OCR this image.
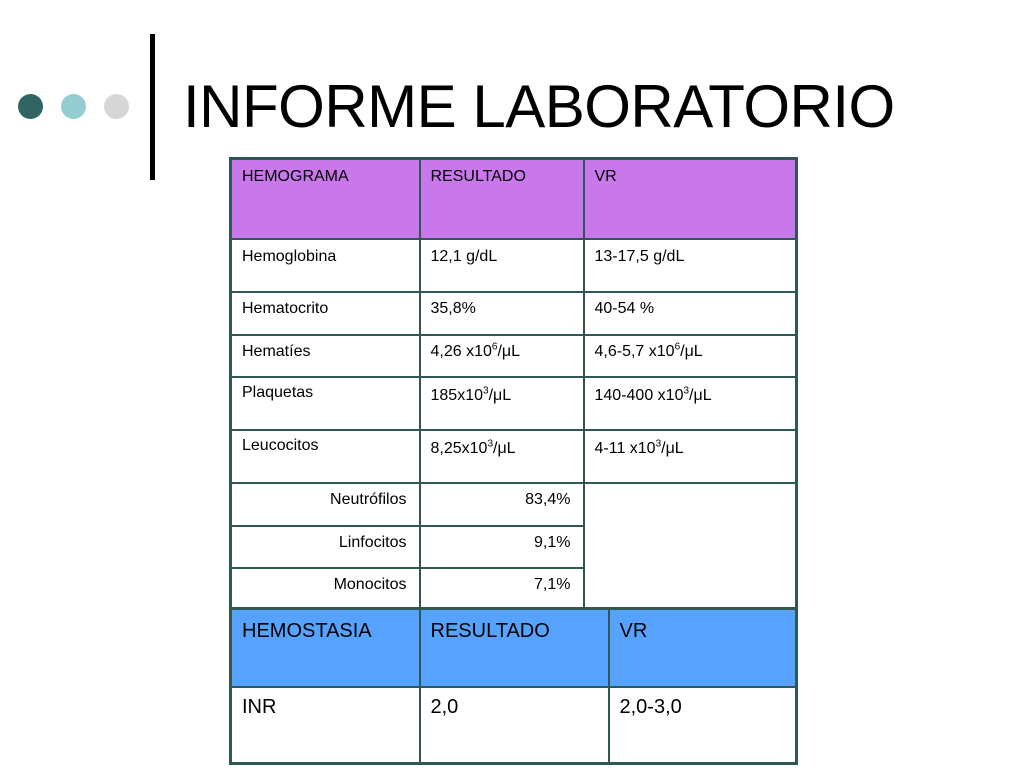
INFORME LABORATORIO
HEMOGRAMA	RESULTADO	VR
Hemoglobina	12,1 g/dL	13-17,5 g/dL
Hematocrito	35,8%	40-54 %
Hematíes	4,26 $x10^6/\mu L$	4,6-5,7 $x10^6/\mu L$
Plaquetas	$185x10^3/\mu L$	140-400 $x10^3/\mu L$
Leucocitos	$8,25x10^3/\mu L$	4-11 $x10^3/\mu L$
Neutrófilos	83,4%	
Linfocitos	9,1%	
Monocitos	7,1%	
HEMOSTASIA	RESULTADO	VR
INR	2,0	2,0-3,0
